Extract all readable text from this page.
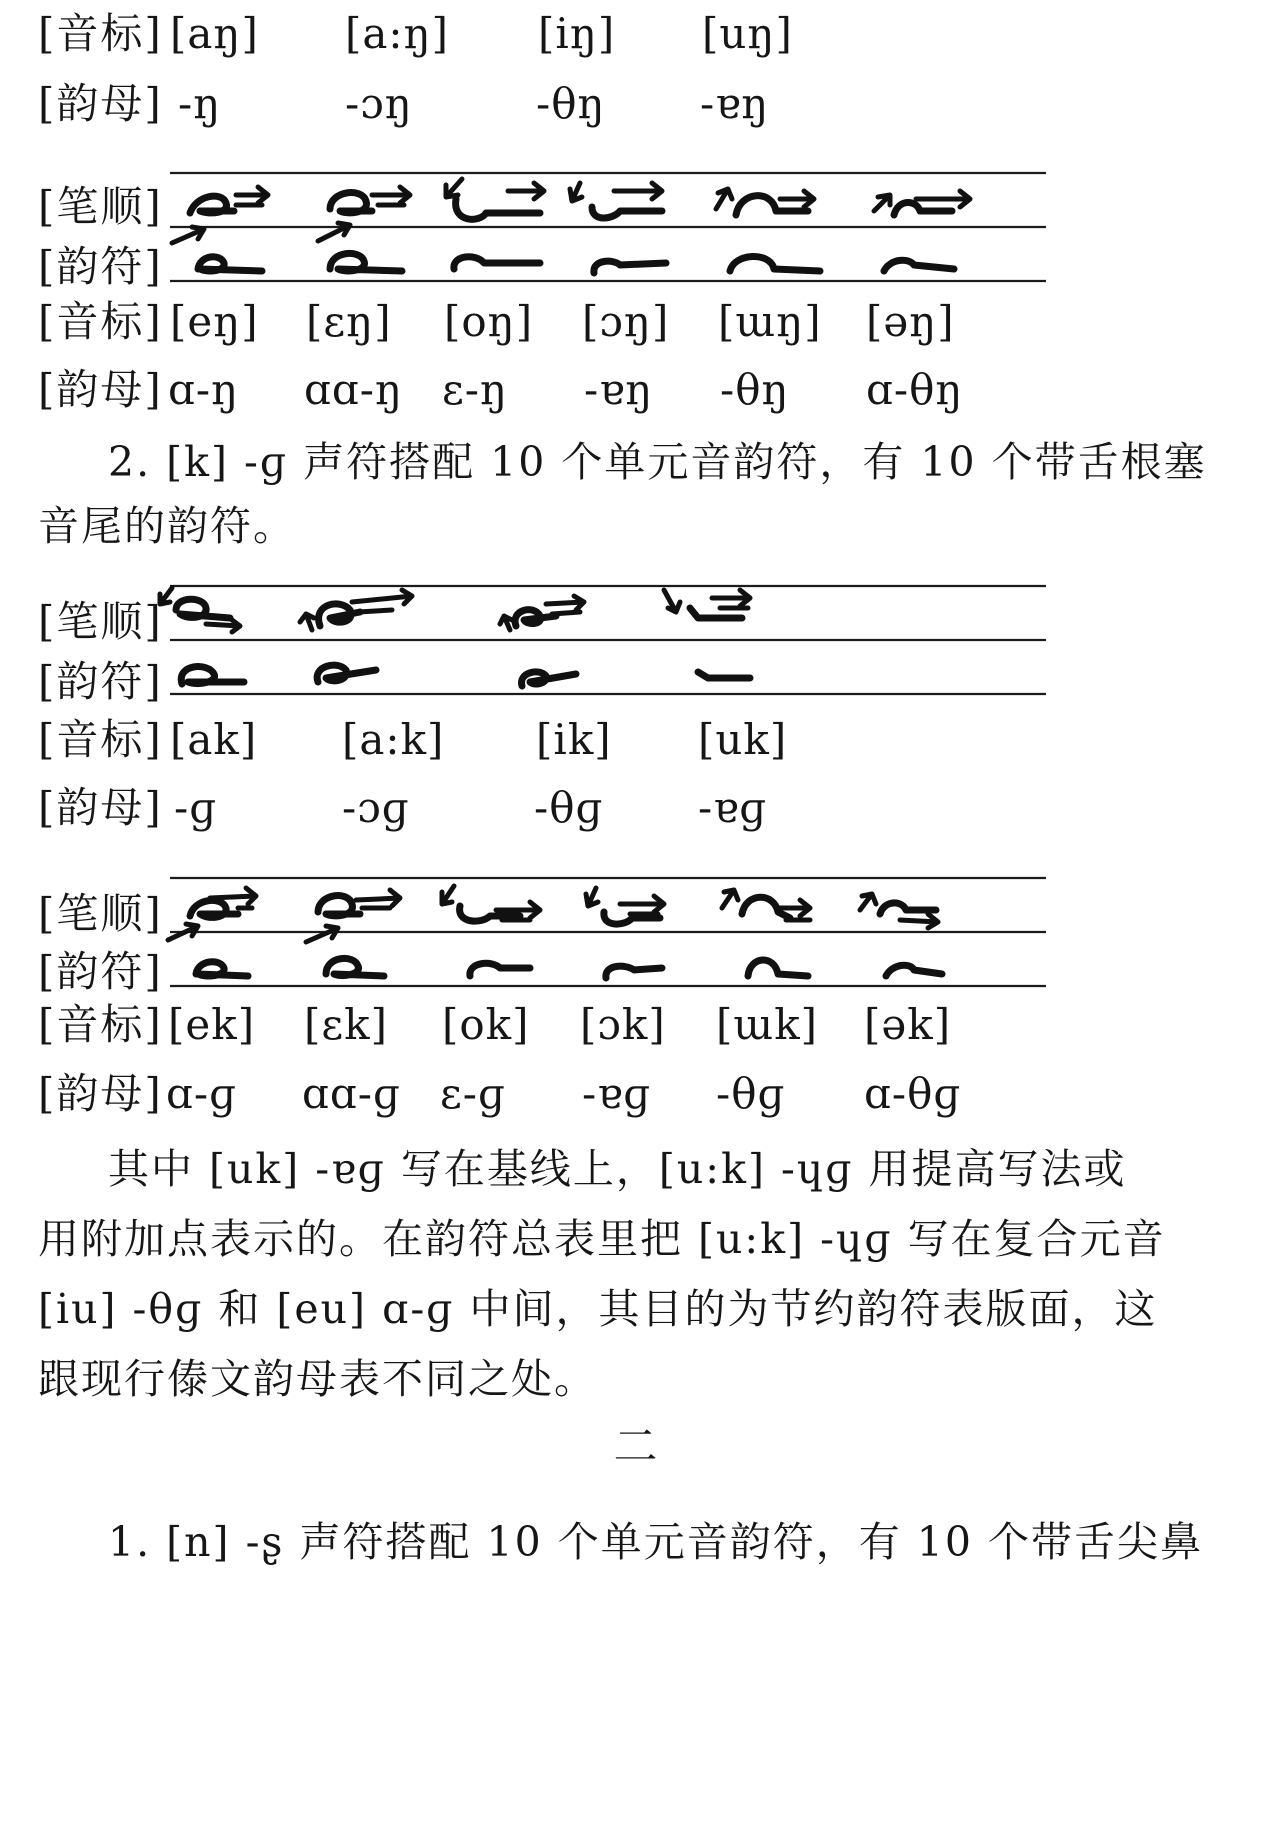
[音标] [aŋ] [a:ŋ] [iŋ] [uŋ]
[韵母] -ŋ	-ɔŋ	-θŋ -ɐŋ
[笔顺]
[韵符]
[音标] [eŋ] [ɛŋ] [oŋ] [ɔŋ] [ɯŋ] [əŋ]
[韵母] ɑ-ŋ ɑɑ-ŋ ɛ-ŋ -ɐŋ -θŋ ɑ-θŋ
2. [k] -ɡ 声符搭配 10 个单元音韵符，有 10 个带舌根塞
音尾的韵符。
[笔顺]
[韵符]
[音标] [ak] [a:k] [ik] [uk]
[韵母] -ɡ	-ɔɡ	-θɡ -ɐɡ
[笔顺]
[韵符]
[音标] [ek] [ɛk] [ok] [ɔk] [ɯk] [ək]
[韵母] ɑ-ɡ ɑɑ-ɡ ɛ-ɡ -ɐɡ -θɡ ɑ-θɡ
其中 [uk] -ɐɡ 写在基线上，[u:k] -ɥɡ 用提高写法或
用附加点表示的。在韵符总表里把 [u:k] -ɥɡ 写在复合元音
[iu] -θɡ 和 [eu] ɑ-ɡ 中间，其目的为节约韵符表版面，这
跟现行傣文韵母表不同之处。
二
1. [n] -ʂ 声符搭配 10 个单元音韵符，有 10 个带舌尖鼻
